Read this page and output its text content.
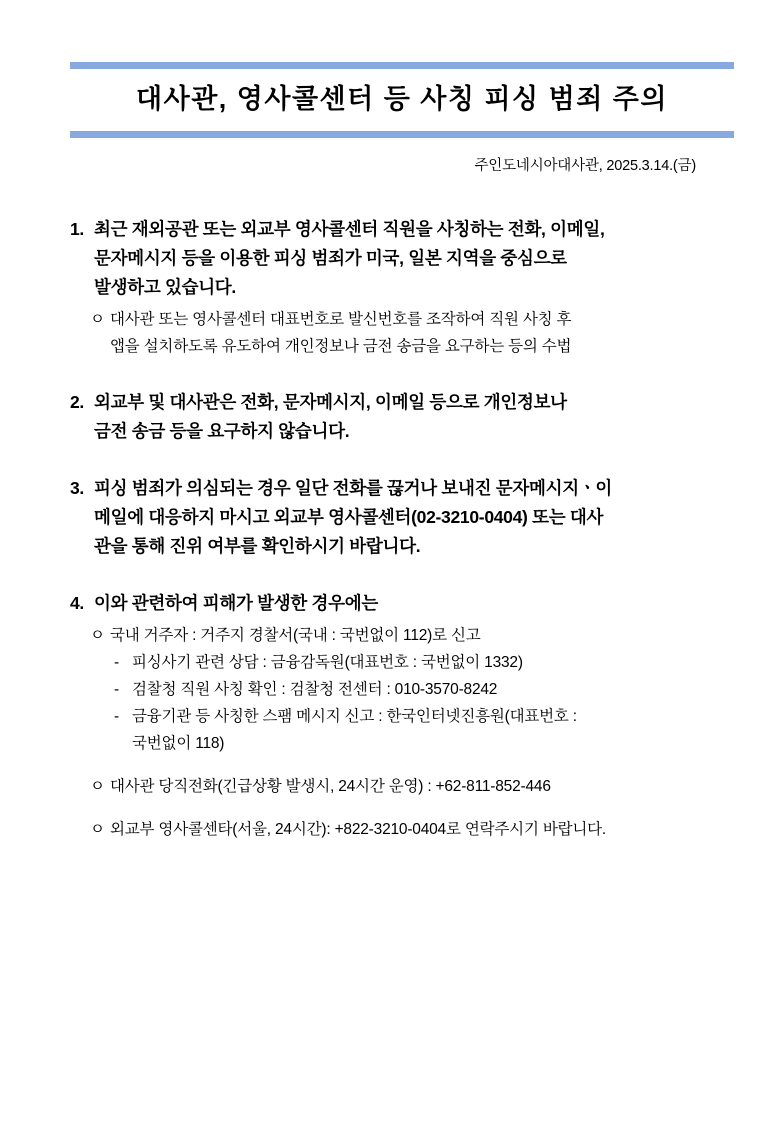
대사관, 영사콜센터 등 사칭 피싱 범죄 주의
주인도네시아대사관, 2025.3.14.(금)
1. 최근 재외공관 또는 외교부 영사콜센터 직원을 사칭하는 전화, 이메일,
문자메시지 등을 이용한 피싱 범죄가 미국, 일본 지역을 중심으로
발생하고 있습니다.
ㅇ 대사관 또는 영사콜센터 대표번호로 발신번호를 조작하여 직원 사칭 후
앱을 설치하도록 유도하여 개인정보나 금전 송금을 요구하는 등의 수법
2. 외교부 및 대사관은 전화, 문자메시지, 이메일 등으로 개인정보나
금전 송금 등을 요구하지 않습니다.
3. 피싱 범죄가 의심되는 경우 일단 전화를 끊거나 보내진 문자메시지ㆍ이
메일에 대응하지 마시고 외교부 영사콜센터(02-3210-0404) 또는 대사
관을 통해 진위 여부를 확인하시기 바랍니다.
4. 이와 관련하여 피해가 발생한 경우에는
ㅇ 국내 거주자 : 거주지 경찰서(국내 : 국번없이 112)로 신고
- 피싱사기 관련 상담 : 금융감독원(대표번호 : 국번없이 1332)
- 검찰청 직원 사칭 확인 : 검찰청 전센터 : 010-3570-8242
- 금융기관 등 사칭한 스팸 메시지 신고 : 한국인터넷진흥원(대표번호 :
국번없이 118)
ㅇ 대사관 당직전화(긴급상황 발생시, 24시간 운영) : +62-811-852-446
ㅇ 외교부 영사콜센타(서울, 24시간): +822-3210-0404로 연락주시기 바랍니다.
